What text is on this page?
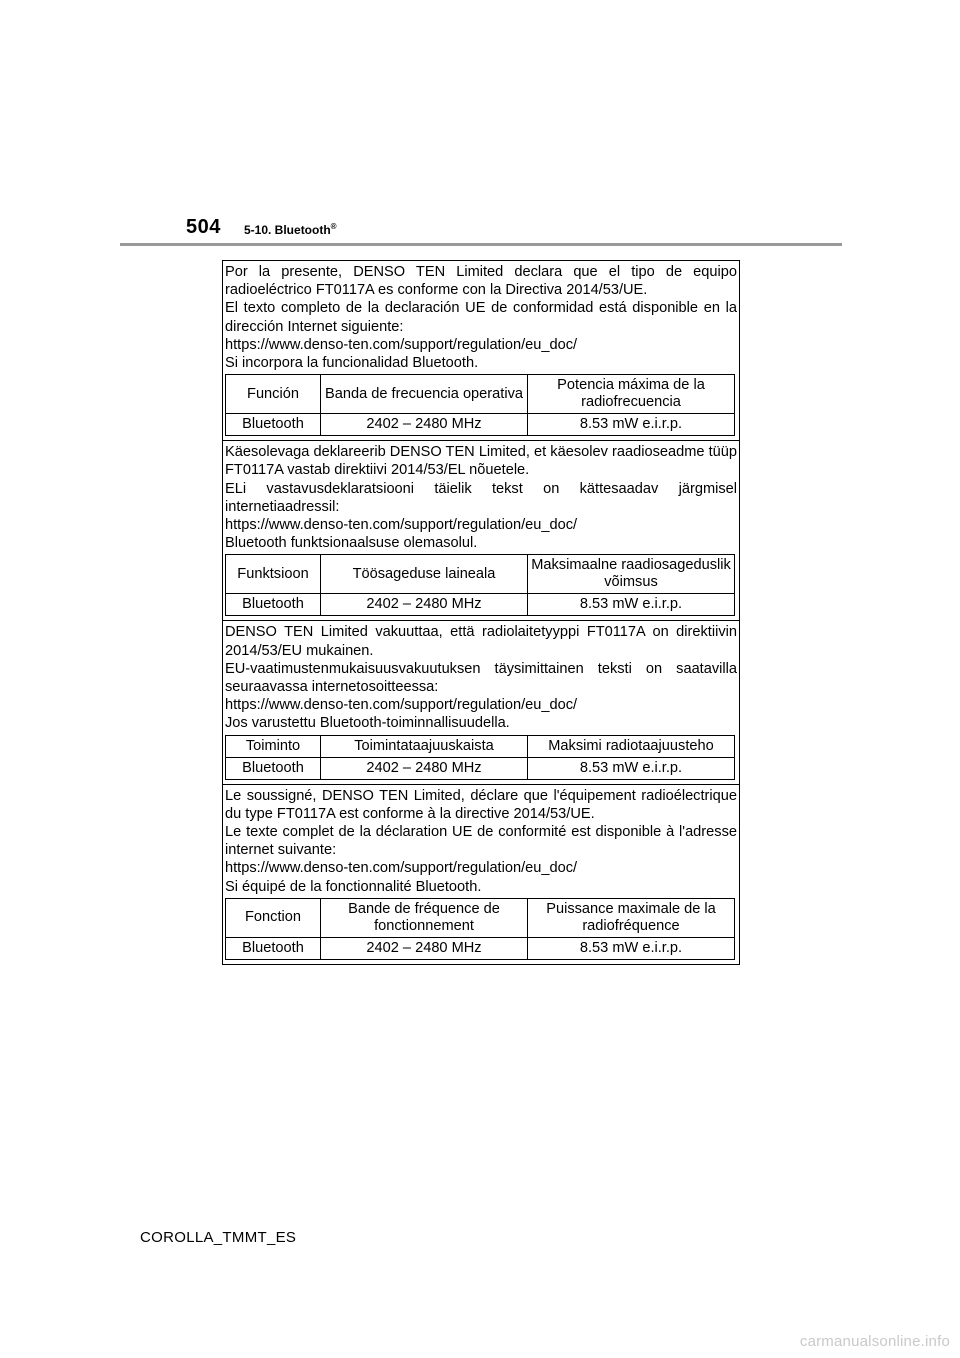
504 5-10. Bluetooth®

Por la presente, DENSO TEN Limited declara que el tipo de equipo radioeléctrico FT0117A es conforme con la Directiva 2014/53/UE.

El texto completo de la declaración UE de conformidad está disponible en la dirección Internet siguiente:

https://www.denso-ten.com/support/regulation/eu_doc/

Si incorpora la funcionalidad Bluetooth.

Función	Banda de frecuencia operativa	Potencia máxima de la radiofrecuencia
Bluetooth	2402 – 2480 MHz	8.53 mW e.i.r.p.

Käesolevaga deklareerib DENSO TEN Limited, et käesolev raadioseadme tüüp FT0117A vastab direktiivi 2014/53/EL nõuetele.

ELi vastavusdeklaratsiooni täielik tekst on kättesaadav järgmisel internetiaadressil:

https://www.denso-ten.com/support/regulation/eu_doc/

Bluetooth funktsionaalsuse olemasolul.

Funktsioon	Töösageduse laineala	Maksimaalne raadiosageduslik võimsus
Bluetooth	2402 – 2480 MHz	8.53 mW e.i.r.p.

DENSO TEN Limited vakuuttaa, että radiolaitetyyppi FT0117A on direktiivin 2014/53/EU mukainen.

EU-vaatimustenmukaisuusvakuutuksen täysimittainen teksti on saatavilla seuraavassa internetosoitteessa:

https://www.denso-ten.com/support/regulation/eu_doc/

Jos varustettu Bluetooth-toiminnallisuudella.

Toiminto	Toimintataajuuskaista	Maksimi radiotaajuusteho
Bluetooth	2402 – 2480 MHz	8.53 mW e.i.r.p.

Le soussigné, DENSO TEN Limited, déclare que l'équipement radioélectrique du type FT0117A est conforme à la directive 2014/53/UE.

Le texte complet de la déclaration UE de conformité est disponible à l'adresse internet suivante:

https://www.denso-ten.com/support/regulation/eu_doc/

Si équipé de la fonctionnalité Bluetooth.

Fonction	Bande de fréquence de fonctionnement	Puissance maximale de la radiofréquence
Bluetooth	2402 – 2480 MHz	8.53 mW e.i.r.p.
COROLLA_TMMT_ES
carmanualsonline.info
